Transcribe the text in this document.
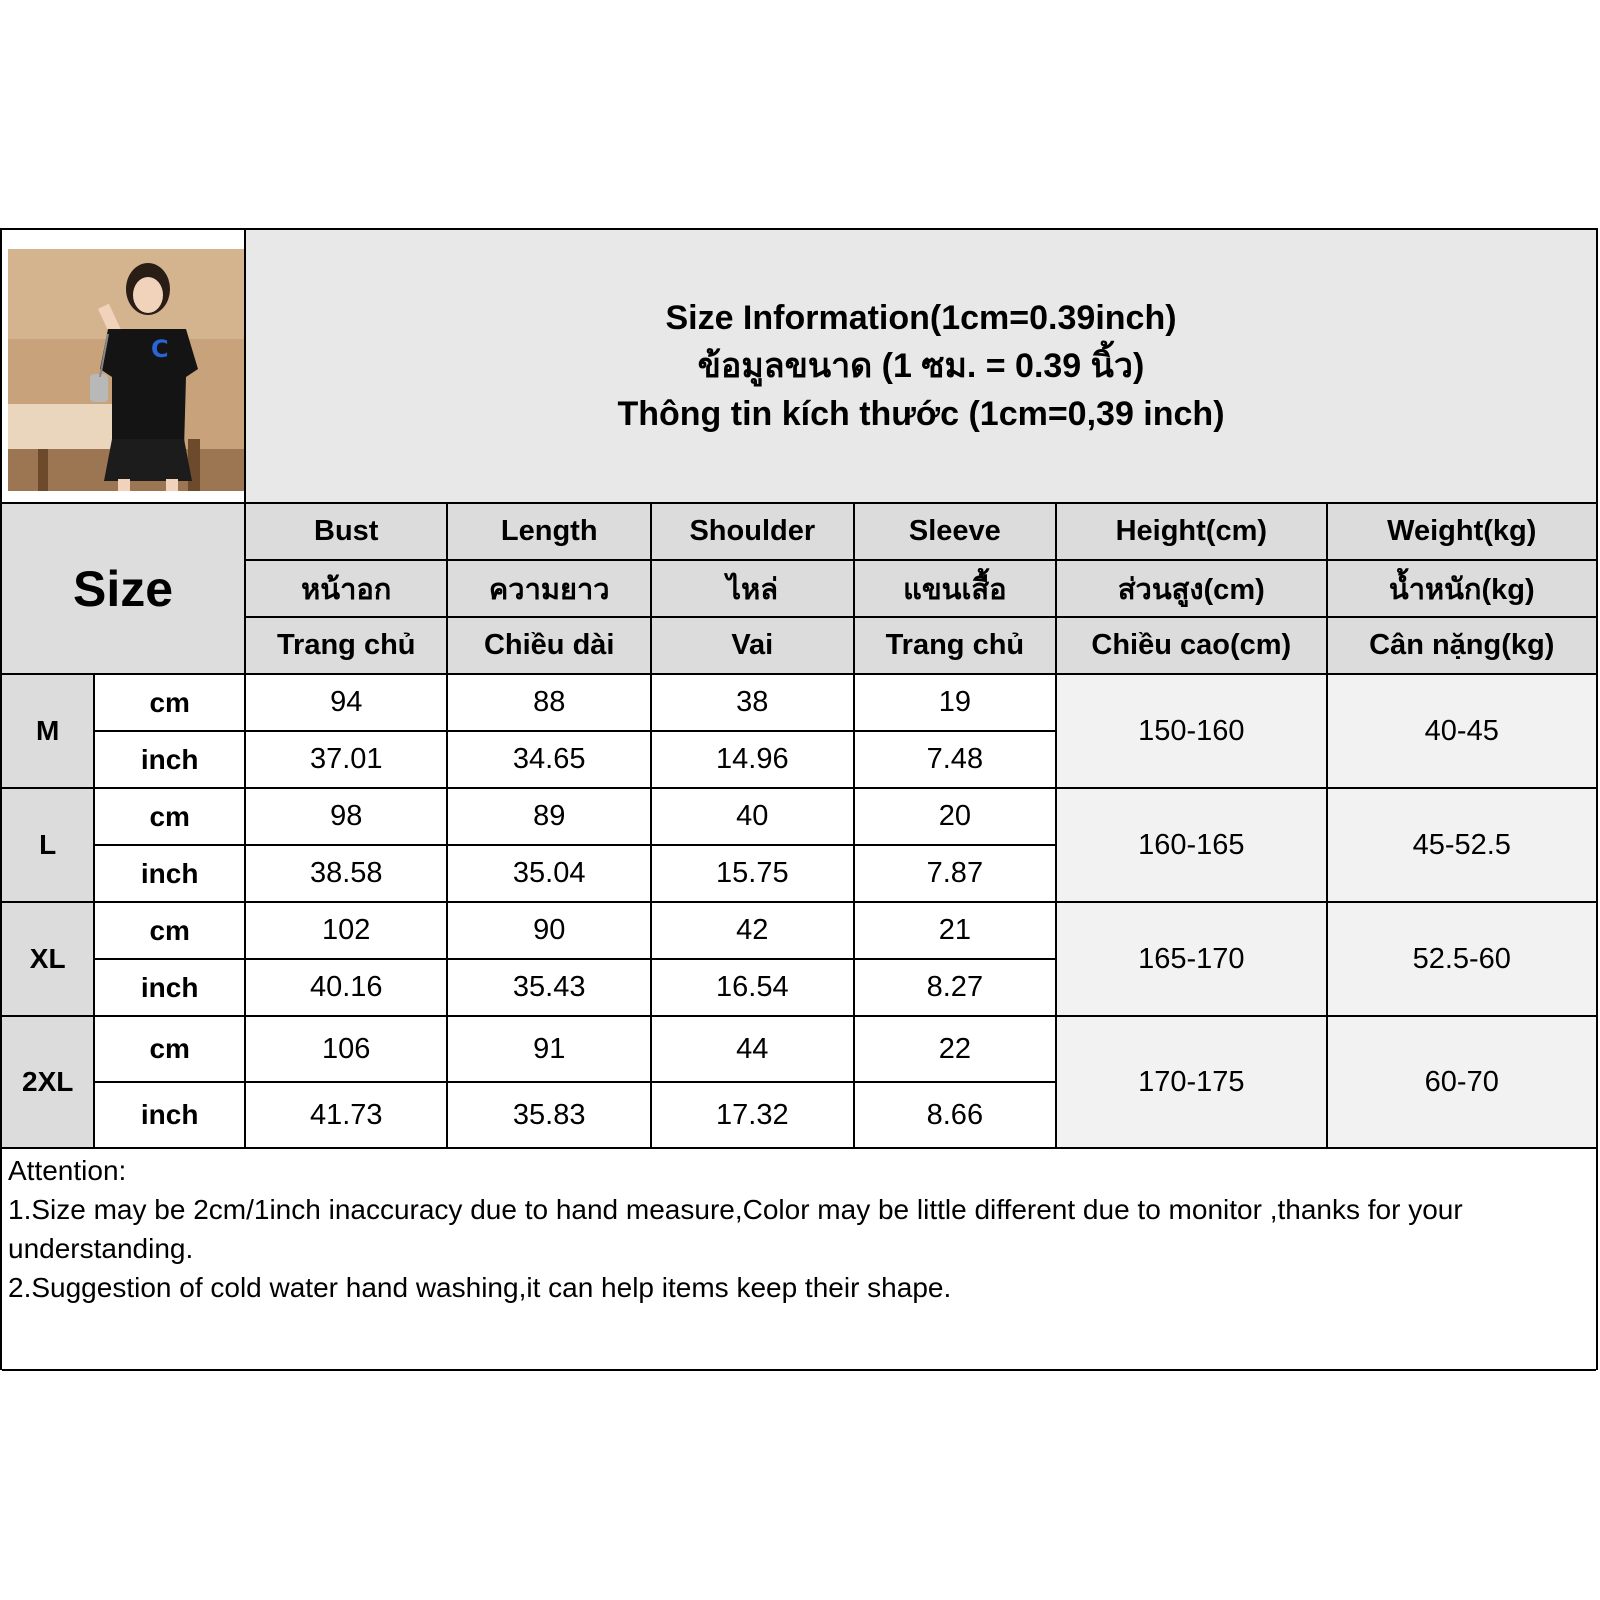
C		Size Information(1cm=0.39inch)
ข้อมูลขนาด (1 ซม. = 0.39 นิ้ว)
Thông tin kích thước (1cm=0,39 inch)					

Size		Bust	Length	Shoulder	Sleeve	Height(cm)	Weight(kg)
		หน้าอก	ความยาว	ไหล่	แขนเสื้อ	ส่วนสูง(cm)	น้ำหนัก(kg)
		Trang chủ	Chiều dài	Vai	Trang chủ	Chiều cao(cm)	Cân nặng(kg)
M	cm	94	88	38	19	150-160	40-45
	inch	37.01	34.65	14.96	7.48		
L	cm	98	89	40	20	160-165	45-52.5
	inch	38.58	35.04	15.75	7.87		
XL	cm	102	90	42	21	165-170	52.5-60
	inch	40.16	35.43	16.54	8.27		
2XL	cm	106	91	44	22	170-175	60-70
	inch	41.73	35.83	17.32	8.66		

Attention:
1.Size may be 2cm/1inch inaccuracy due to hand measure,Color may be little different due to monitor ,thanks for your understanding.
2.Suggestion of cold water hand washing,it can help items keep their shape.							
